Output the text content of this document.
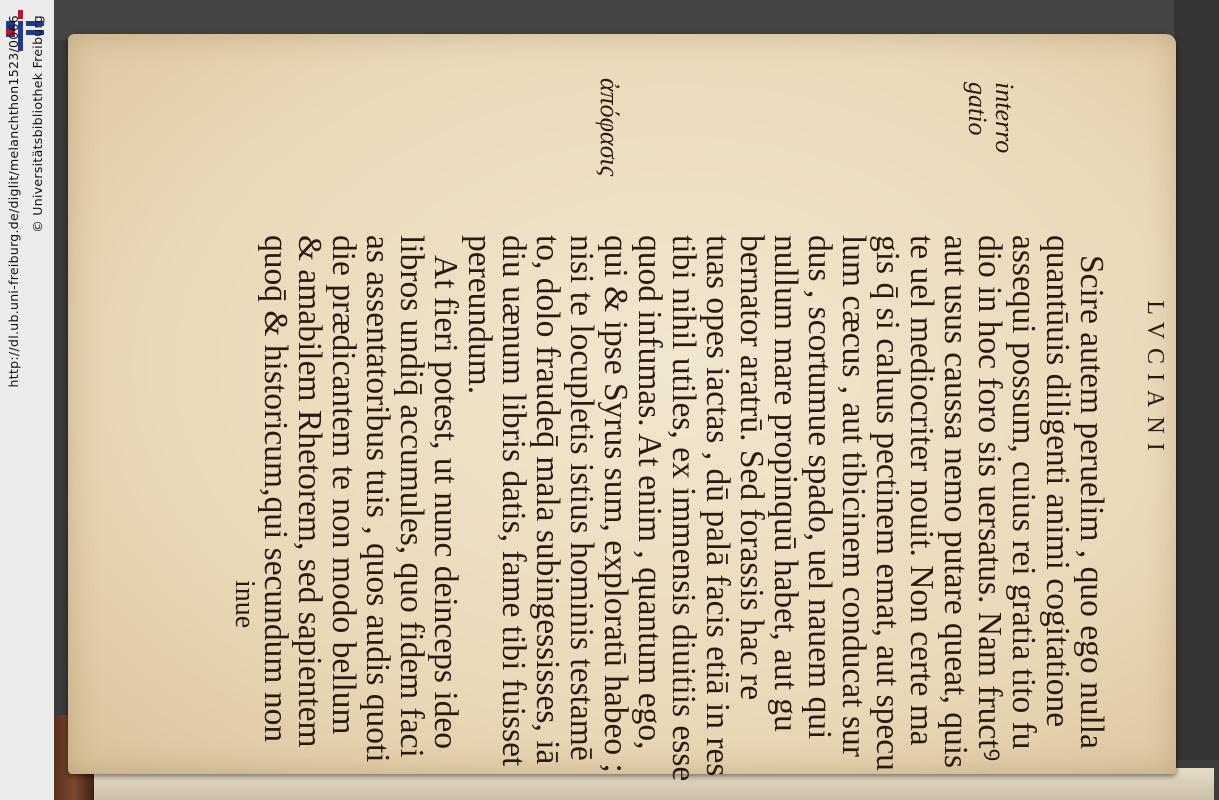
http://dl.ub.uni-freiburg.de/diglit/melanchthon1523/0066 © Universitätsbibliothek Freiburg
LVCIANI
interro
gatio
ἀπόφασις
Scire autem peruelim , quo ego nulla
quantūuis diligenti animi cogitatione
assequi possum, cuius rei gratia tito fu
dio in hoc foro sis uersatus. Nam fructꝰ
aut usus caussa nemo putare queat, quis
te uel mediocriter nouit. Non certe ma
gis q̄ si caluus pectinem emat, aut specu
lum cæcus , aut tibicinem conducat sur
dus , scortumue spado, uel nauem qui
nullum mare propinquū habet, aut gu
bernator aratrū. Sed forassis hac re
tuas opes iactas , dū palā facis etiā in res
tibi nihil utiles, ex immensis diuitiis esse
quod infumas. At enim , quantum ego,
qui & ipse Syrus sum, exploratū habeo ;
nisi te locupletis istius hominis testamē
to, dolo fraudeq̄ mala subingessisses, iā
diu uænum libris datis, fame tibi fuisset
pereundum.
At fieri potest, ut nunc deinceps ideo
libros undiq̄ accumules, quo fidem faci
as assentatoribus tuis , quos audis quoti
die prædicantem te non modo bellum
& amabilem Rhetorem, sed sapientem
quoq̄ & historicum,qui secundum non
inue
